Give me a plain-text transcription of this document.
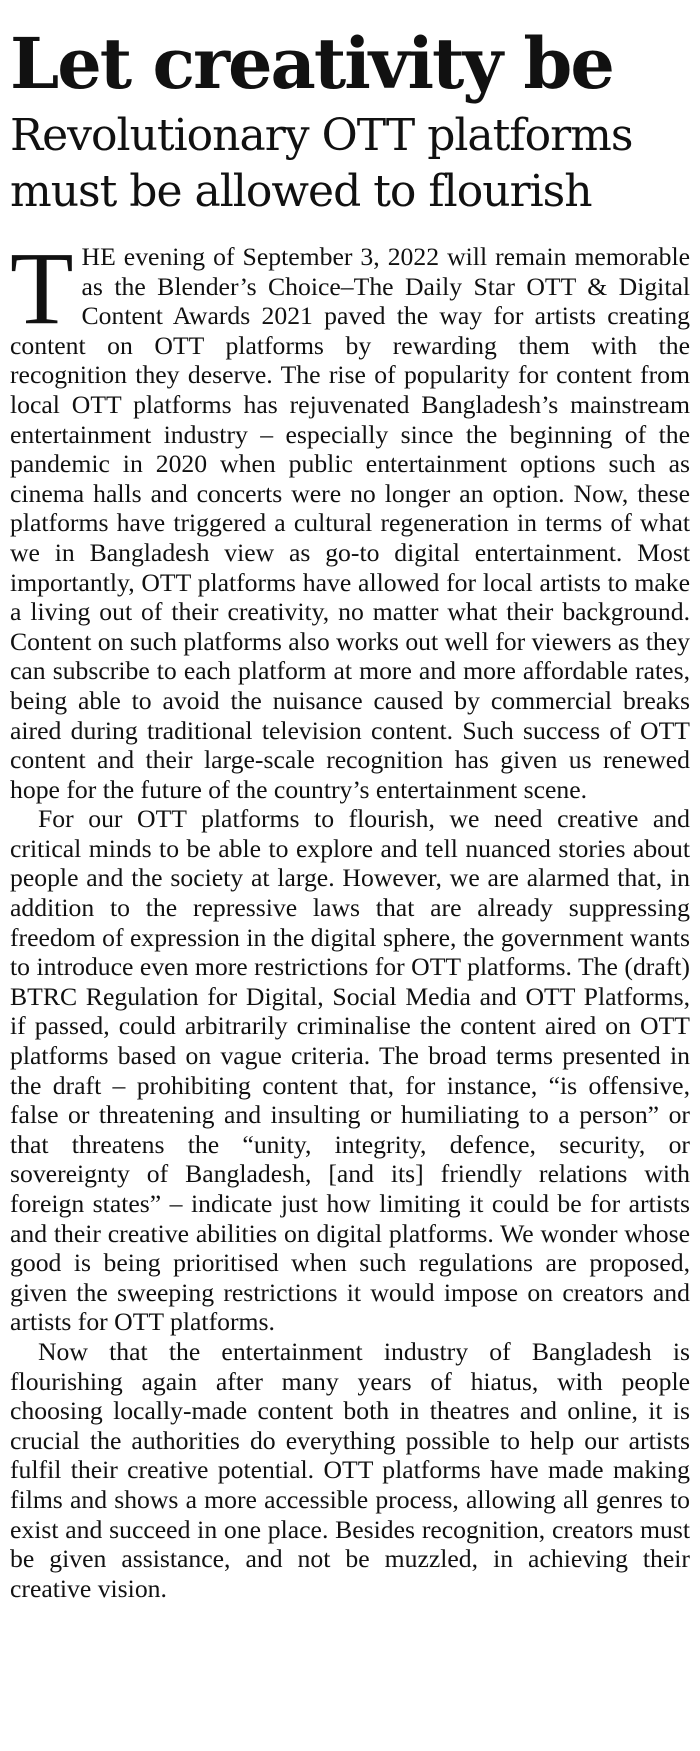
Let creativity be
Revolutionary OTT platforms must be allowed to flourish

THE evening of September 3, 2022 will remain memorable as the Blender’s Choice–The Daily Star OTT & Digital Content Awards 2021 paved the way for artists creating content on OTT platforms by rewarding them with the recognition they deserve. The rise of popularity for content from local OTT platforms has rejuvenated Bangladesh’s mainstream entertainment industry – especially since the beginning of the pandemic in 2020 when public entertainment options such as cinema halls and concerts were no longer an option. Now, these platforms have triggered a cultural regeneration in terms of what we in Bangladesh view as go-to digital entertainment. Most importantly, OTT platforms have allowed for local artists to make a living out of their creativity, no matter what their background. Content on such platforms also works out well for viewers as they can subscribe to each platform at more and more affordable rates, being able to avoid the nuisance caused by commercial breaks aired during traditional television content. Such success of OTT content and their large-scale recognition has given us renewed hope for the future of the country’s entertainment scene.

For our OTT platforms to flourish, we need creative and critical minds to be able to explore and tell nuanced stories about people and the society at large. However, we are alarmed that, in addition to the repressive laws that are already suppressing freedom of expression in the digital sphere, the government wants to introduce even more restrictions for OTT platforms. The (draft) BTRC Regulation for Digital, Social Media and OTT Platforms, if passed, could arbitrarily criminalise the content aired on OTT platforms based on vague criteria. The broad terms presented in the draft – prohibiting content that, for instance, “is offensive, false or threatening and insulting or humiliating to a person” or that threatens the “unity, integrity, defence, security, or sovereignty of Bangladesh, [and its] friendly relations with foreign states” – indicate just how limiting it could be for artists and their creative abilities on digital platforms. We wonder whose good is being prioritised when such regulations are proposed, given the sweeping restrictions it would impose on creators and artists for OTT platforms.

Now that the entertainment industry of Bangladesh is flourishing again after many years of hiatus, with people choosing locally-made content both in theatres and online, it is crucial the authorities do everything possible to help our artists fulfil their creative potential. OTT platforms have made making films and shows a more accessible process, allowing all genres to exist and succeed in one place. Besides recognition, creators must be given assistance, and not be muzzled, in achieving their creative vision.
